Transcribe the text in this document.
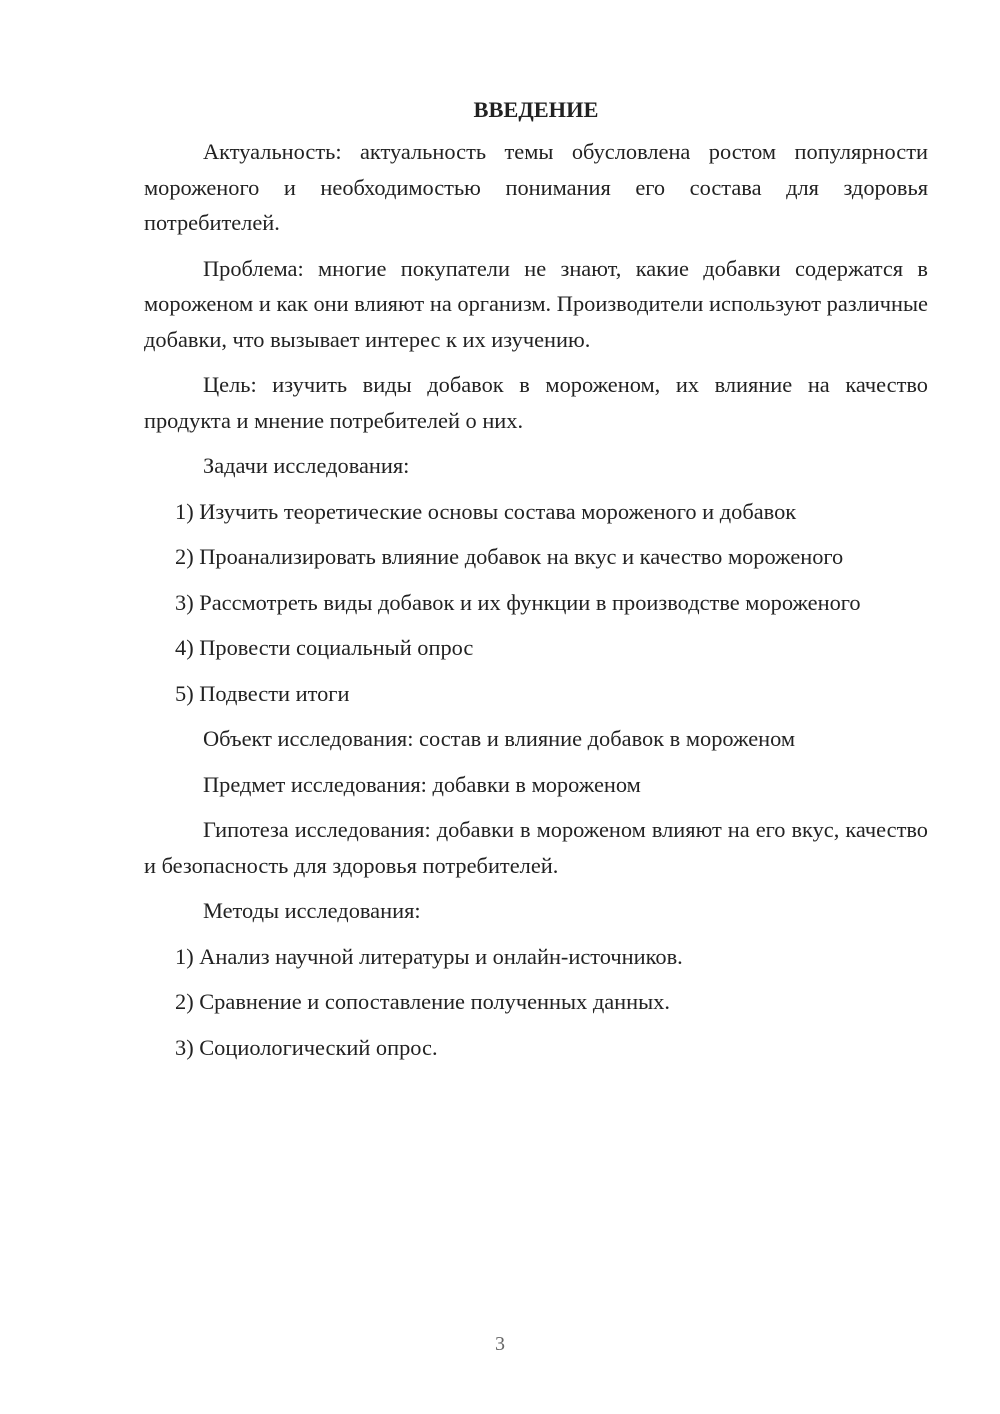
ВВЕДЕНИЕ
Актуальность: актуальность темы обусловлена ростом популярности мороженого и необходимостью понимания его состава для здоровья потребителей.
Проблема: многие покупатели не знают, какие добавки содержатся в мороженом и как они влияют на организм. Производители используют различные добавки, что вызывает интерес к их изучению.
Цель: изучить виды добавок в мороженом, их влияние на качество продукта и мнение потребителей о них.
Задачи исследования:
1) Изучить теоретические основы состава мороженого и добавок
2) Проанализировать влияние добавок на вкус и качество мороженого
3) Рассмотреть виды добавок и их функции в производстве мороженого
4) Провести социальный опрос
5) Подвести итоги
Объект исследования: состав и влияние добавок в мороженом
Предмет исследования: добавки в мороженом
Гипотеза исследования: добавки в мороженом влияют на его вкус, качество и безопасность для здоровья потребителей.
Методы исследования:
1) Анализ научной литературы и онлайн-источников.
2) Сравнение и сопоставление полученных данных.
3) Социологический опрос.
3
